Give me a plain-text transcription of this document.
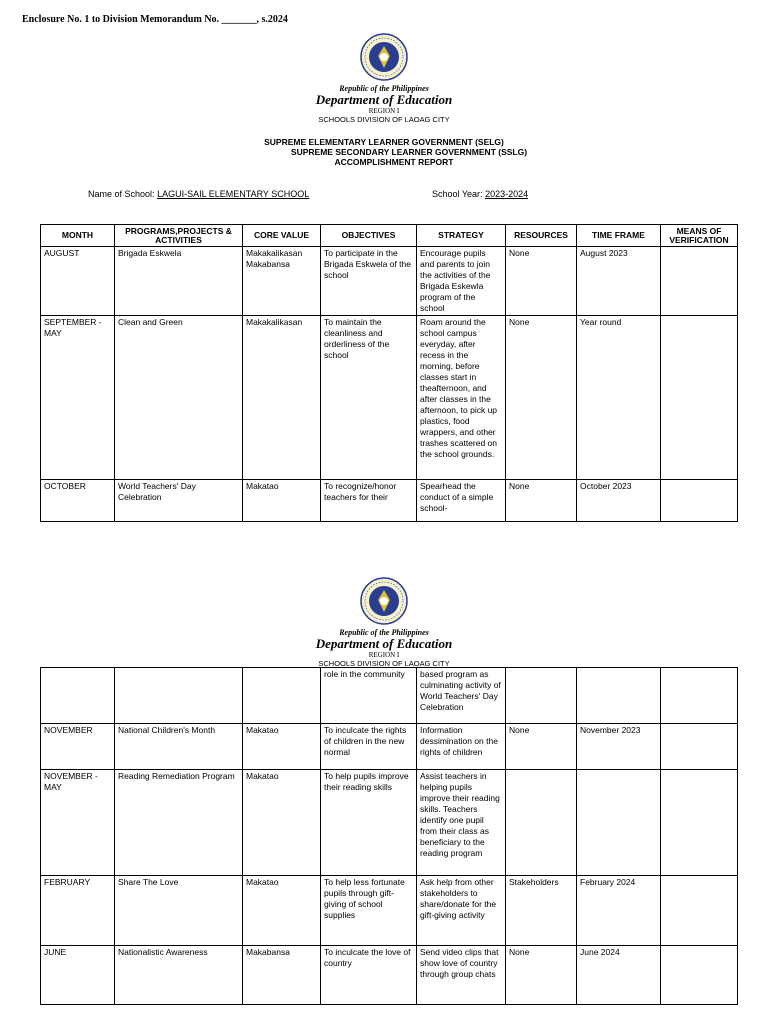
Enclosure No. 1 to Division Memorandum No. _______, s.2024
Republic of the Philippines
Department of Education
REGION I
SCHOOLS DIVISION OF LAOAG CITY
SUPREME ELEMENTARY LEARNER GOVERNMENT (SELG)
SUPREME SECONDARY LEARNER GOVERNMENT (SSLG)
ACCOMPLISHMENT REPORT
Name of School: LAGUI-SAIL ELEMENTARY SCHOOL	School Year: 2023-2024
MONTH	PROGRAMS,PROJECTS & ACTIVITIES	CORE VALUE	OBJECTIVES	STRATEGY	RESOURCES	TIME FRAME	MEANS OF VERIFICATION
AUGUST	Brigada Eskwela	Makakalikasan Makabansa	To participate in the Brigada Eskwela of the school	Encourage pupils and parents to join the activities of the Brigada Eskewla program of the school	None	August 2023	
SEPTEMBER - MAY	Clean and Green	Makakalikasan	To maintain the cleanliness and orderliness of the school	Roam around the school campus everyday, after recess in the morning, before classes start in theafternoon, and after classes in the afternoon, to pick up plastics, food wrappers, and other trashes scattered on the school grounds.	None	Year round	
OCTOBER	World Teachers' Day Celebration	Makatao	To recognize/honor teachers for their	Spearhead the conduct of a simple school-	None	October 2023	
Republic of the Philippines
Department of Education
REGION I
SCHOOLS DIVISION OF LAOAG CITY
			role in the community	based program as culminating activity of World Teachers' Day Celebration			
NOVEMBER	National Children's Month	Makatao	To inculcate the rights of children in the new normal	Information dessimination on the rights of children	None	November 2023	
NOVEMBER - MAY	Reading Remediation Program	Makatao	To help pupils improve their reading skills	Assist teachers in helping pupils improve their reading skills. Teachers identify one pupil from their class as beneficiary to the reading program			
FEBRUARY	Share The Love	Makatao	To help less fortunate pupils through gift-giving of school supplies	Ask help from other stakeholders to share/donate for the gift-giving activity	Stakeholders	February 2024	
JUNE	Nationalistic Awareness	Makabansa	To inculcate the love of country	Send video clips that show love of country through group chats	None	June 2024	
